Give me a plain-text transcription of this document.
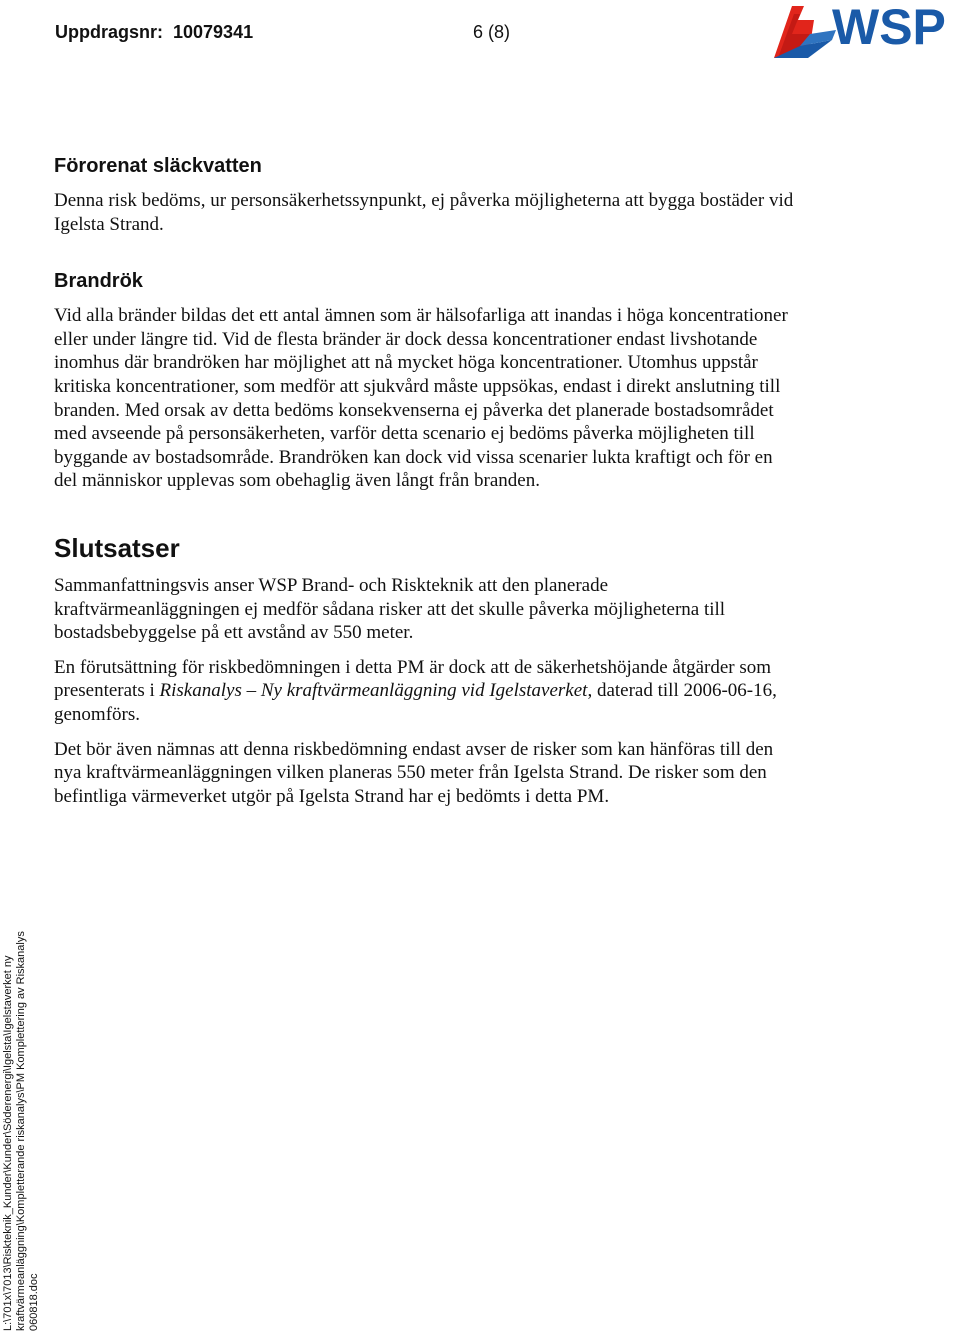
Uppdragsnr: 10079341	6 (8)	WSP
Förorenat släckvatten

Denna risk bedöms, ur personsäkerhetssynpunkt, ej påverka möjligheterna att bygga bostäder vid Igelsta Strand.

Brandrök

Vid alla bränder bildas det ett antal ämnen som är hälsofarliga att inandas i höga koncentrationer eller under längre tid. Vid de flesta bränder är dock dessa koncentrationer endast livshotande inomhus där brandröken har möjlighet att nå mycket höga koncentrationer. Utomhus uppstår kritiska koncentrationer, som medför att sjukvård måste uppsökas, endast i direkt anslutning till branden. Med orsak av detta bedöms konsekvenserna ej påverka det planerade bostadsområdet med avseende på personsäkerheten, varför detta scenario ej bedöms påverka möjligheten till byggande av bostadsområde. Brandröken kan dock vid vissa scenarier lukta kraftigt och för en del människor upplevas som obehaglig även långt från branden.

Slutsatser

Sammanfattningsvis anser WSP Brand- och Riskteknik att den planerade kraftvärmeanläggningen ej medför sådana risker att det skulle påverka möjligheterna till bostadsbebyggelse på ett avstånd av 550 meter.

En förutsättning för riskbedömningen i detta PM är dock att de säkerhetshöjande åtgärder som presenterats i Riskanalys – Ny kraftvärmeanläggning vid Igelstaverket, daterad till 2006-06-16, genomförs.

Det bör även nämnas att denna riskbedömning endast avser de risker som kan hänföras till den nya kraftvärmeanläggningen vilken planeras 550 meter från Igelsta Strand. De risker som den befintliga värmeverket utgör på Igelsta Strand har ej bedömts i detta PM.

L:\701x\7013\Riskteknik_Kunder\Kunder\Söderenergi\Igelsta\Igelstaverket ny kraftvärmeanläggning\Kompletterande riskanalys\PM Komplettering av Riskanalys 060818.doc
